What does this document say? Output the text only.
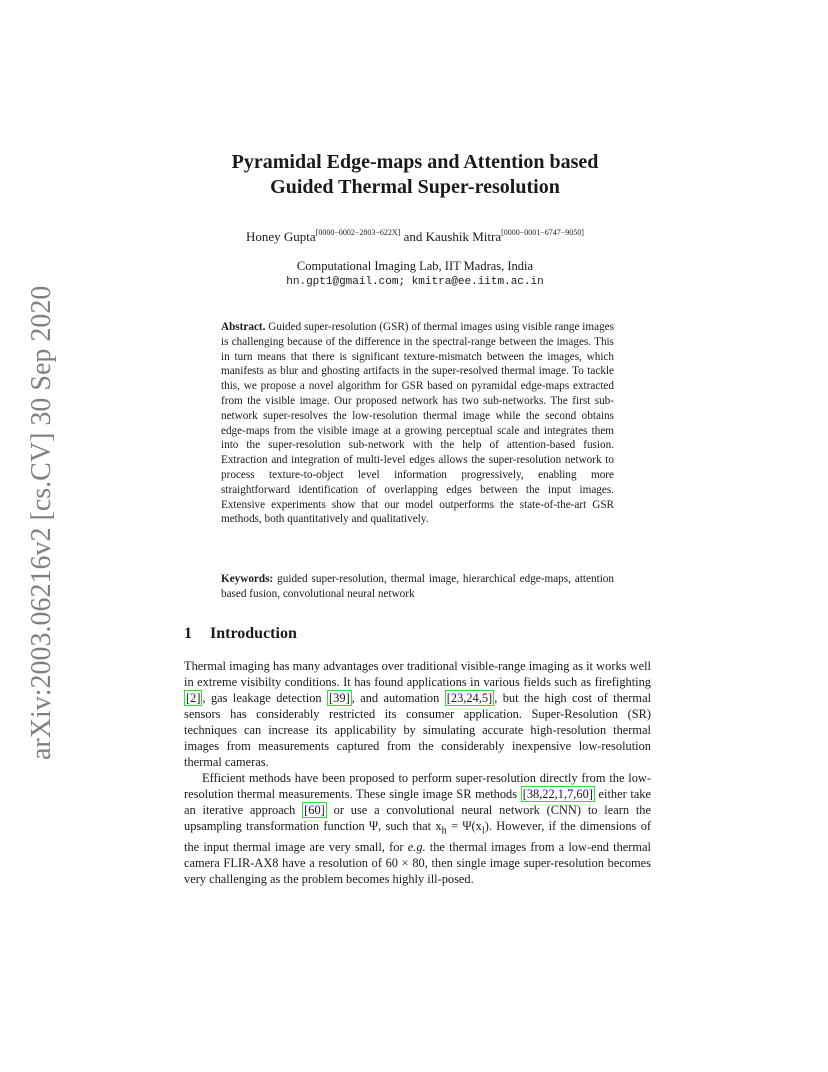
arXiv:2003.06216v2 [cs.CV] 30 Sep 2020
Pyramidal Edge-maps and Attention based
Guided Thermal Super-resolution
Honey Gupta[0000−0002−2803−622X] and Kaushik Mitra[0000−0001−6747−9050]
Computational Imaging Lab, IIT Madras, India
hn.gpt1@gmail.com; kmitra@ee.iitm.ac.in
Abstract. Guided super-resolution (GSR) of thermal images using visible range images is challenging because of the difference in the spectral-range between the images. This in turn means that there is significant texture-mismatch between the images, which manifests as blur and ghosting artifacts in the super-resolved thermal image. To tackle this, we propose a novel algorithm for GSR based on pyramidal edge-maps extracted from the visible image. Our proposed network has two sub-networks. The first sub-network super-resolves the low-resolution thermal image while the second obtains edge-maps from the visible image at a growing perceptual scale and integrates them into the super-resolution sub-network with the help of attention-based fusion. Extraction and integration of multi-level edges allows the super-resolution network to process texture-to-object level information progressively, enabling more straightforward identification of overlapping edges between the input images. Extensive experiments show that our model outperforms the state-of-the-art GSR methods, both quantitatively and qualitatively.
Keywords: guided super-resolution, thermal image, hierarchical edge-maps, attention based fusion, convolutional neural network
1 Introduction

Thermal imaging has many advantages over traditional visible-range imaging as it works well in extreme visibilty conditions. It has found applications in various fields such as firefighting [2] , gas leakage detection [39] , and automation [23,24,5] , but the high cost of thermal sensors has considerably restricted its consumer application. Super-Resolution (SR) techniques can increase its applicability by simulating accurate high-resolution thermal images from measurements captured from the considerably inexpensive low-resolution thermal cameras.

Efficient methods have been proposed to perform super-resolution directly from the low-resolution thermal measurements. These single image SR methods [38,22,1,7,60] either take an iterative approach [60] or use a convolutional neural network (CNN) to learn the upsampling transformation function Ψ, such that $x_h = \Psi(x_l)$. However, if the dimensions of the input thermal image are very small, for e.g. the thermal images from a low-end thermal camera FLIR-AX8 have a resolution of 60 × 80, then single image super-resolution becomes very challenging as the problem becomes highly ill-posed.
